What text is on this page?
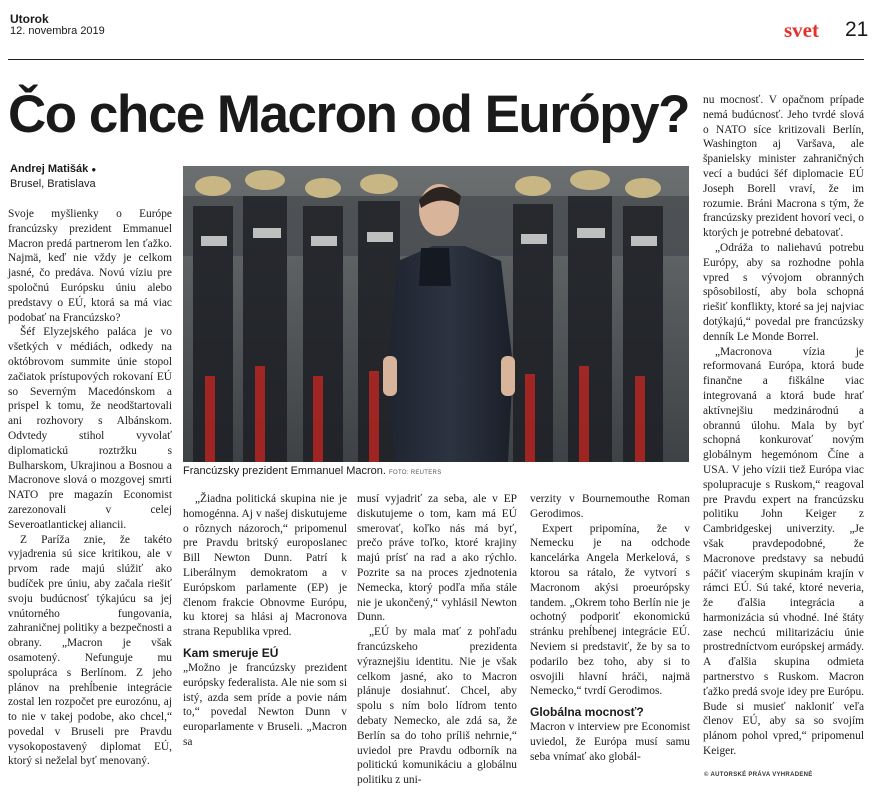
Utorok
12. novembra 2019	svet 21
Čo chce Macron od Európy?
Andrej Matišák ●
Brusel, Bratislava

Svoje myšlienky o Európe francúzsky prezident Emmanuel Macron predá partnerom len ťažko. Najmä, keď nie vždy je celkom jasné, čo predáva. Novú víziu pre spoločnú Európsku úniu alebo predstavy o EÚ, ktorá sa má viac podobať na Francúzsko?

Šéf Elyzejského paláca je vo všetkých v médiách, odkedy na októbrovom summite únie stopol začiatok prístupových rokovaní EÚ so Severným Macedónskom a prispel k tomu, že neodštartovali ani rozhovory s Albánskom. Odvtedy stihol vyvolať diplomatickú roztržku s Bulharskom, Ukrajinou a Bosnou a Macronove slová o mozgovej smrti NATO pre magazín Economist zarezonovali v celej Severoatlantickej aliancii.

Z Paríža znie, že takéto vyjadrenia sú sice kritikou, ale v prvom rade majú slúžiť ako budíček pre úniu, aby začala riešiť svoju budúcnosť týkajúcu sa jej vnútorného fungovania, zahraničnej politiky a bezpečnosti a obrany. „Macron je však osamotený. Nefunguje mu spolupráca s Berlínom. Z jeho plánov na prehĺbenie integrácie zostal len rozpočet pre eurozónu, aj to nie v takej podobe, ako chcel,“ povedal v Bruseli pre Pravdu vysokopostavený diplomat EÚ, ktorý si neželal byť menovaný.

Francúzsky prezident Emmanuel Macron. FOTO: REUTERS

„Žiadna politická skupina nie je homogénna. Aj v našej diskutujeme o rôznych názoroch,“ pripomenul pre Pravdu britský europoslanec Bill Newton Dunn. Patrí k Liberálnym demokratom a v Európskom parlamente (EP) je členom frakcie Obnovme Európu, ku ktorej sa hlási aj Macronova strana Republika vpred.

Kam smeruje EÚ

„Možno je francúzsky prezident európsky federalista. Ale nie som si istý, azda sem príde a povie nám to,“ povedal Newton Dunn v europarlamente v Bruseli. „Macron sa

musí vyjadriť za seba, ale v EP diskutujeme o tom, kam má EÚ smerovať, koľko nás má byť, prečo práve toľko, ktoré krajiny majú prísť na rad a ako rýchlo. Pozrite sa na proces zjednotenia Nemecka, ktorý podľa mňa stále nie je ukončený,“ vyhlásil Newton Dunn.

„EÚ by mala mať z pohľadu francúzskeho prezidenta výraznejšiu identitu. Nie je však celkom jasné, ako to Macron plánuje dosiahnuť. Chcel, aby spolu s ním bolo lídrom tento debaty Nemecko, ale zdá sa, že Berlín sa do toho príliš nehrnie,“ uviedol pre Pravdu odborník na politickú komunikáciu a globálnu politiku z uni-

verzity v Bournemouthe Roman Gerodimos.

Expert pripomína, že v Nemecku je na odchode kancelárka Angela Merkelová, s ktorou sa rátalo, že vytvorí s Macronom akýsi proeurópsky tandem. „Okrem toho Berlín nie je ochotný podporiť ekonomickú stránku prehĺbenej integrácie EÚ. Neviem si predstaviť, že by sa to podarilo bez toho, aby si to osvojili hlavní hráči, najmä Nemecko,“ tvrdí Gerodimos.

Globálna mocnosť?

Macron v interview pre Economist uviedol, že Európa musí samu seba vnímať ako globál-

nu mocnosť. V opačnom prípade nemá budúcnosť. Jeho tvrdé slová o NATO síce kritizovali Berlín, Washington aj Varšava, ale španielsky minister zahraničných vecí a budúci šéf diplomacie EÚ Joseph Borell vraví, že im rozumie. Bráni Macrona s tým, že francúzsky prezident hovorí veci, o ktorých je potrebné debatovať.

„Odráža to naliehavú potrebu Európy, aby sa rozhodne pohla vpred s vývojom obranných spôsobilostí, aby bola schopná riešiť konflikty, ktoré sa jej najviac dotýkajú,“ povedal pre francúzsky denník Le Monde Borrel.

„Macronova vízia je reformovaná Európa, ktorá bude finančne a fiškálne viac integrovaná a ktorá bude hrať aktívnejšiu medzinárodnú a obrannú úlohu. Mala by byť schopná konkurovať novým globálnym hegemónom Číne a USA. V jeho vízii tiež Európa viac spolupracuje s Ruskom,“ reagoval pre Pravdu expert na francúzsku politiku John Keiger z Cambridgeskej univerzity. „Je však pravdepodobné, že Macronove predstavy sa nebudú páčiť viacerým skupinám krajín v rámci EÚ. Sú také, ktoré neveria, že ďalšia integrácia a harmonizácia sú vhodné. Iné štáty zase nechcú militarizáciu únie prostredníctvom európskej armády. A ďalšia skupina odmieta partnerstvo s Ruskom. Macron ťažko predá svoje idey pre Európu. Bude si musieť nakloniť veľa členov EÚ, aby sa so svojím plánom pohol vpred,“ pripomenul Keiger.

© AUTORSKÉ PRÁVA VYHRADENÉ
